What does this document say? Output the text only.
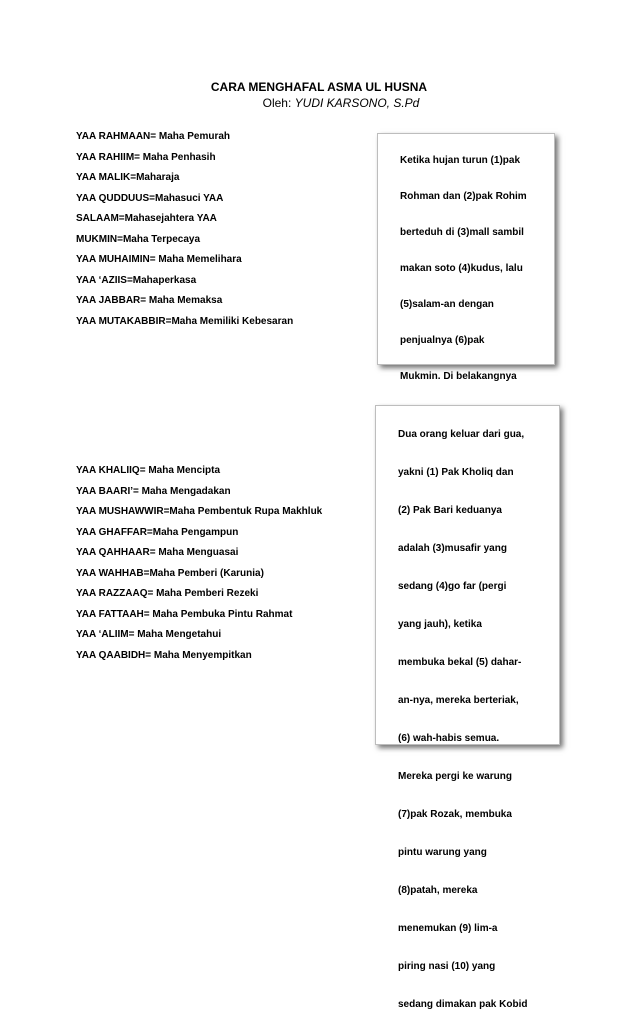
CARA MENGHAFAL ASMA UL HUSNA
Oleh: YUDI KARSONO, S.Pd
YAA RAHMAAN= Maha Pemurah
YAA RAHIIM= Maha Penhasih
YAA MALIK=Maharaja
YAA QUDDUUS=Mahasuci YAA
SALAAM=Mahasejahtera YAA
MUKMIN=Maha Terpecaya
YAA MUHAIMIN= Maha Memelihara
YAA ‘AZIIS=Mahaperkasa
YAA JABBAR= Maha Memaksa
YAA MUTAKABBIR=Maha Memiliki Kebesaran

Ketika hujan turun (1)pak

Rohman dan (2)pak Rohim

berteduh di (3)mall sambil

makan soto (4)kudus, lalu

(5)salam-an dengan

penjualnya (6)pak

Mukmin. Di belakangnya

YAA KHALIIQ= Maha Mencipta
YAA BAARI’= Maha Mengadakan
YAA MUSHAWWIR=Maha Pembentuk Rupa Makhluk
YAA GHAFFAR=Maha Pengampun
YAA QAHHAAR= Maha Menguasai
YAA WAHHAB=Maha Pemberi (Karunia)
YAA RAZZAAQ= Maha Pemberi Rezeki
YAA FATTAAH= Maha Pembuka Pintu Rahmat
YAA ‘ALIIM= Maha Mengetahui
YAA QAABIDH= Maha Menyempitkan

Dua orang keluar dari gua,

yakni (1) Pak Kholiq dan

(2) Pak Bari keduanya

adalah (3)musafir yang

sedang (4)go far (pergi

yang jauh), ketika

membuka bekal (5) dahar-

an-nya, mereka berteriak,

(6) wah-habis semua.

Mereka pergi ke warung

(7)pak Rozak, membuka

pintu warung yang

(8)patah, mereka

menemukan (9) lim-a

piring nasi (10) yang

sedang dimakan pak Kobid
